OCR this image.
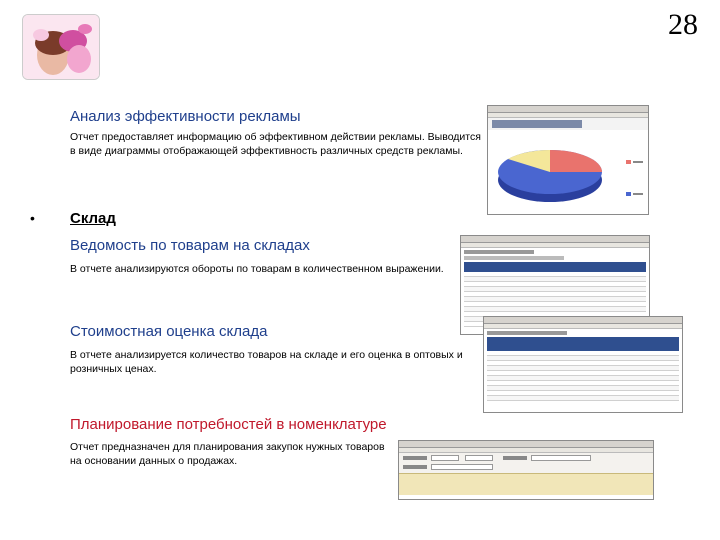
28
Анализ эффективности рекламы
Отчет предоставляет информацию об эффективном действии рекламы. Выводится в виде диаграммы отображающей эффективность различных средств рекламы.
• Склад
Ведомость по товарам на складах
В отчете анализируются обороты по товарам в количественном выражении.
Стоимостная оценка склада
В отчете анализируется количество товаров на складе и его оценка в оптовых и розничных ценах.
Планирование потребностей в номенклатуре
Отчет предназначен для планирования закупок нужных товаров на основании данных о продажах.
